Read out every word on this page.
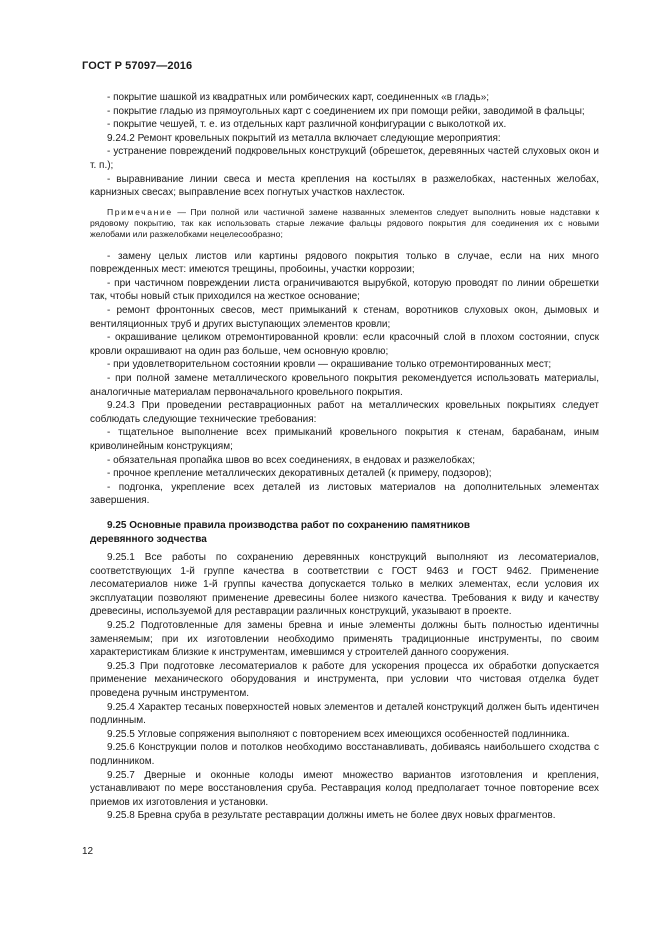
ГОСТ Р 57097—2016

- покрытие шашкой из квадратных или ромбических карт, соединенных «в гладь»;

- покрытие гладью из прямоугольных карт с соединением их при помощи рейки, заводимой в фальцы;

- покрытие чешуей, т. е. из отдельных карт различной конфигурации с выколоткой их.

9.24.2 Ремонт кровельных покрытий из металла включает следующие мероприятия:

- устранение повреждений подкровельных конструкций (обрешеток, деревянных частей слуховых окон и т. п.);

- выравнивание линии свеса и места крепления на костылях в разжелобках, настенных желобах, карнизных свесах; выправление всех погнутых участков нахлесток.

Примечание — При полной или частичной замене названных элементов следует выполнить новые надставки к рядовому покрытию, так как использовать старые лежачие фальцы рядового покрытия для соединения их с новыми желобами или разжелобками нецелесообразно;

- замену целых листов или картины рядового покрытия только в случае, если на них много поврежденных мест: имеются трещины, пробоины, участки коррозии;

- при частичном повреждении листа ограничиваются вырубкой, которую проводят по линии обрешетки так, чтобы новый стык приходился на жесткое основание;

- ремонт фронтонных свесов, мест примыканий к стенам, воротников слуховых окон, дымовых и вентиляционных труб и других выступающих элементов кровли;

- окрашивание целиком отремонтированной кровли: если красочный слой в плохом состоянии, спуск кровли окрашивают на один раз больше, чем основную кровлю;

- при удовлетворительном состоянии кровли — окрашивание только отремонтированных мест;

- при полной замене металлического кровельного покрытия рекомендуется использовать материалы, аналогичные материалам первоначального кровельного покрытия.

9.24.3 При проведении реставрационных работ на металлических кровельных покрытиях следует соблюдать следующие технические требования:

- тщательное выполнение всех примыканий кровельного покрытия к стенам, барабанам, иным криволинейным конструкциям;

- обязательная пропайка швов во всех соединениях, в ендовах и разжелобках;

- прочное крепление металлических декоративных деталей (к примеру, подзоров);

- подгонка, укрепление всех деталей из листовых материалов на дополнительных элементах завершения.

9.25 Основные правила производства работ по сохранению памятников
деревянного зодчества

9.25.1 Все работы по сохранению деревянных конструкций выполняют из лесоматериалов, соответствующих 1-й группе качества в соответствии с ГОСТ 9463 и ГОСТ 9462. Применение лесоматериалов ниже 1-й группы качества допускается только в мелких элементах, если условия их эксплуатации позволяют применение древесины более низкого качества. Требования к виду и качеству древесины, используемой для реставрации различных конструкций, указывают в проекте.

9.25.2 Подготовленные для замены бревна и иные элементы должны быть полностью идентичны заменяемым; при их изготовлении необходимо применять традиционные инструменты, по своим характеристикам близкие к инструментам, имевшимся у строителей данного сооружения.

9.25.3 При подготовке лесоматериалов к работе для ускорения процесса их обработки допускается применение механического оборудования и инструмента, при условии что чистовая отделка будет проведена ручным инструментом.

9.25.4 Характер тесаных поверхностей новых элементов и деталей конструкций должен быть идентичен подлинным.

9.25.5 Угловые сопряжения выполняют с повторением всех имеющихся особенностей подлинника.

9.25.6 Конструкции полов и потолков необходимо восстанавливать, добиваясь наибольшего сходства с подлинником.

9.25.7 Дверные и оконные колоды имеют множество вариантов изготовления и крепления, устанавливают по мере восстановления сруба. Реставрация колод предполагает точное повторение всех приемов их изготовления и установки.

9.25.8 Бревна сруба в результате реставрации должны иметь не более двух новых фрагментов.

12
